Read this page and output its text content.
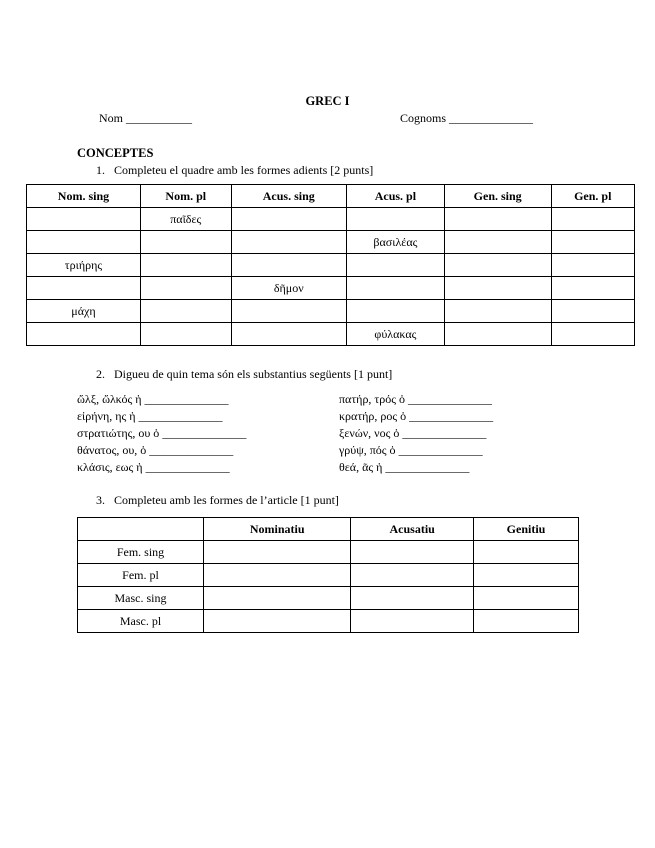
GREC I
Nom ___________	Cognoms ______________
CONCEPTES
1. Completeu el quadre amb les formes adients [2 punts]
Nom. sing	Nom. pl	Acus. sing	Acus. pl	Gen. sing	Gen. pl
	παῖδες				
			βασιλέας		
τριήρης					
		δῆμον			
μάχη					
			φύλακας		
2. Digueu de quin tema són els substantius següents [1 punt]
ὤλξ, ὤλκός ἡ ______________
εἰρήνη, ης ἡ ______________
στρατιώτης, ου ὁ ______________
θάνατος, ου, ὁ ______________
κλάσις, εως ἡ ______________
πατήρ, τρός ὁ ______________
κρατήρ, ρος ὁ ______________
ξενών, νος ὁ ______________
γρύψ, πός ὁ ______________
θεά, ᾶς ἡ ______________
3. Completeu amb les formes de l’article [1 punt]
	Nominatiu	Acusatiu	Genitiu
Fem. sing			
Fem. pl			
Masc. sing			
Masc. pl			
